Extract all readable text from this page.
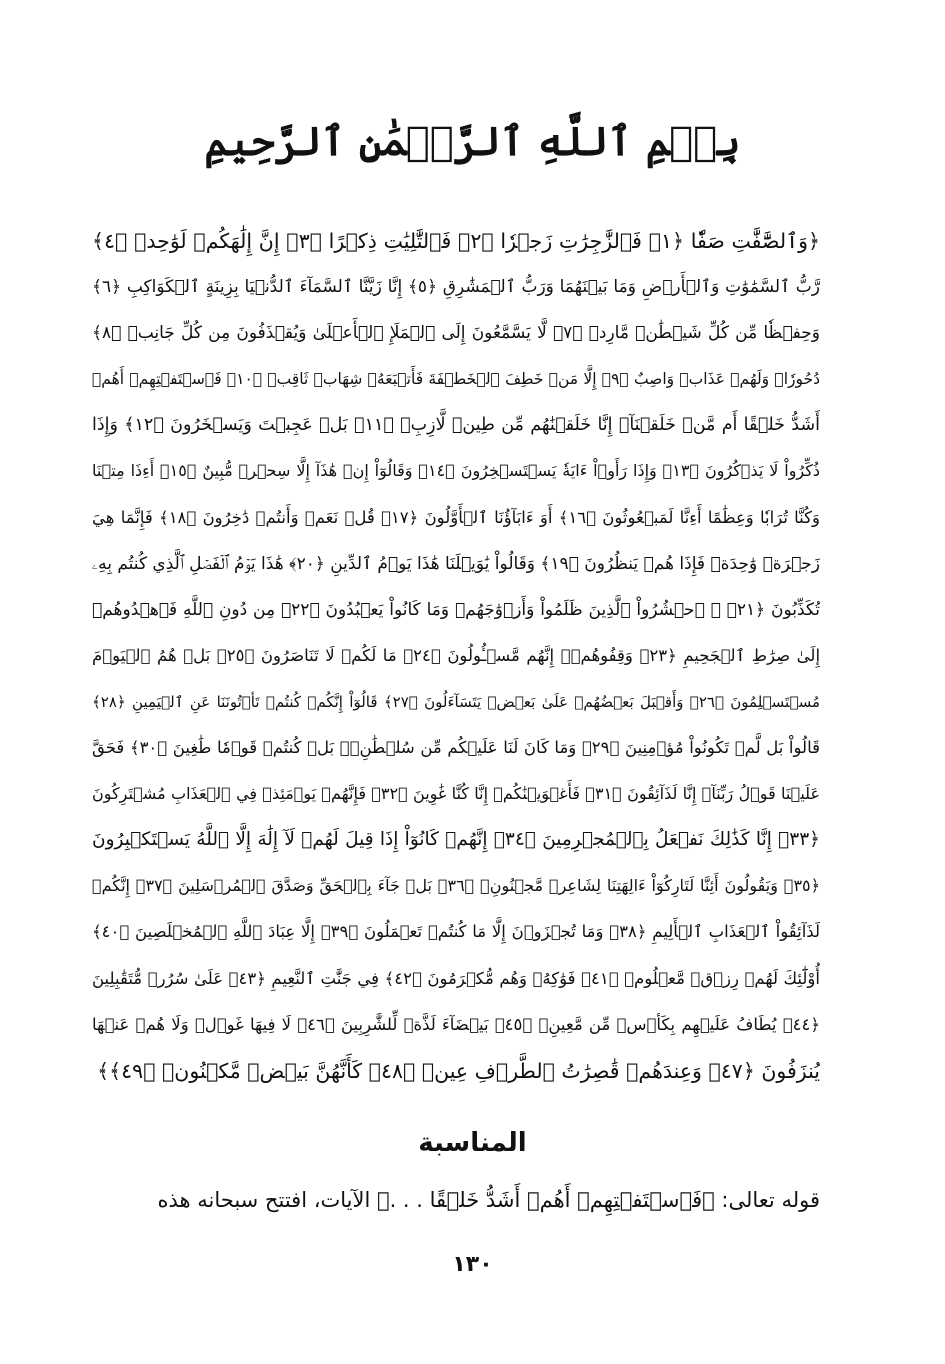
بِسۡمِ ٱللَّهِ ٱلرَّحۡمَٰنِ ٱلرَّحِيمِ
﴿وَٱلصَّٰٓفَّٰتِ صَفّٗا ﴿١﴾ فَٱلزَّٰجِرَٰتِ زَجۡرٗا ﴿٢﴾ فَٱلتَّٰلِيَٰتِ ذِكۡرًا ﴿٣﴾ إِنَّ إِلَٰهَكُمۡ لَوَٰحِدٞ ﴿٤﴾
رَّبُّ ٱلسَّمَٰوَٰتِ وَٱلۡأَرۡضِ وَمَا بَيۡنَهُمَا وَرَبُّ ٱلۡمَشَٰرِقِ ﴿٥﴾ إِنَّا زَيَّنَّا ٱلسَّمَآءَ ٱلدُّنۡيَا بِزِينَةٍ ٱلۡكَوَاكِبِ ﴿٦﴾
وَحِفۡظٗا مِّن كُلِّ شَيۡطَٰنٖ مَّارِدٖ ﴿٧﴾ لَّا يَسَّمَّعُونَ إِلَى ٱلۡمَلَإِ ٱلۡأَعۡلَىٰ وَيُقۡذَفُونَ مِن كُلِّ جَانِبٖ ﴿٨﴾
دُحُورٗاۖ وَلَهُمۡ عَذَابٞ وَاصِبٌ ﴿٩﴾ إِلَّا مَنۡ خَطِفَ ٱلۡخَطۡفَةَ فَأَتۡبَعَهُۥ شِهَابٞ ثَاقِبٞ ﴿١٠﴾ فَٱسۡتَفۡتِهِمۡ أَهُمۡ
أَشَدُّ خَلۡقًا أَم مَّنۡ خَلَقۡنَآۚ إِنَّا خَلَقۡنَٰهُم مِّن طِينٖ لَّازِبِۭ ﴿١١﴾ بَلۡ عَجِبۡتَ وَيَسۡخَرُونَ ﴿١٢﴾ وَإِذَا
ذُكِّرُواْ لَا يَذۡكُرُونَ ﴿١٣﴾ وَإِذَا رَأَوۡاْ ءَايَةٗ يَسۡتَسۡخِرُونَ ﴿١٤﴾ وَقَالُوٓاْ إِنۡ هَٰذَآ إِلَّا سِحۡرٞ مُّبِينٌ ﴿١٥﴾ أَءِذَا مِتۡنَا
وَكُنَّا تُرَابٗا وَعِظَٰمًا أَءِنَّا لَمَبۡعُوثُونَ ﴿١٦﴾ أَوَ ءَابَآؤُنَا ٱلۡأَوَّلُونَ ﴿١٧﴾ قُلۡ نَعَمۡ وَأَنتُمۡ دَٰخِرُونَ ﴿١٨﴾ فَإِنَّمَا هِيَ
زَجۡرَةٞ وَٰحِدَةٞ فَإِذَا هُمۡ يَنظُرُونَ ﴿١٩﴾ وَقَالُواْ يَٰوَيۡلَنَا هَٰذَا يَوۡمُ ٱلدِّينِ ﴿٢٠﴾ هَٰذَا يَوۡمُ ٱلۡفَصۡلِ ٱلَّذِي كُنتُم بِهِۦ
تُكَذِّبُونَ ﴿٢١﴾ ۞ ٱحۡشُرُواْ ٱلَّذِينَ ظَلَمُواْ وَأَزۡوَٰجَهُمۡ وَمَا كَانُواْ يَعۡبُدُونَ ﴿٢٢﴾ مِن دُونِ ٱللَّهِ فَٱهۡدُوهُمۡ
إِلَىٰ صِرَٰطِ ٱلۡجَحِيمِ ﴿٢٣﴾ وَقِفُوهُمۡۖ إِنَّهُم مَّسۡـُٔولُونَ ﴿٢٤﴾ مَا لَكُمۡ لَا تَنَاصَرُونَ ﴿٢٥﴾ بَلۡ هُمُ ٱلۡيَوۡمَ
مُسۡتَسۡلِمُونَ ﴿٢٦﴾ وَأَقۡبَلَ بَعۡضُهُمۡ عَلَىٰ بَعۡضٖ يَتَسَآءَلُونَ ﴿٢٧﴾ قَالُوٓاْ إِنَّكُمۡ كُنتُمۡ تَأۡتُونَنَا عَنِ ٱلۡيَمِينِ ﴿٢٨﴾
قَالُواْ بَل لَّمۡ تَكُونُواْ مُؤۡمِنِينَ ﴿٢٩﴾ وَمَا كَانَ لَنَا عَلَيۡكُم مِّن سُلۡطَٰنِۭۖ بَلۡ كُنتُمۡ قَوۡمٗا طَٰغِينَ ﴿٣٠﴾ فَحَقَّ
عَلَيۡنَا قَوۡلُ رَبِّنَآۖ إِنَّا لَذَآئِقُونَ ﴿٣١﴾ فَأَغۡوَيۡنَٰكُمۡ إِنَّا كُنَّا غَٰوِينَ ﴿٣٢﴾ فَإِنَّهُمۡ يَوۡمَئِذٖ فِي ٱلۡعَذَابِ مُشۡتَرِكُونَ
﴿٣٣﴾ إِنَّا كَذَٰلِكَ نَفۡعَلُ بِٱلۡمُجۡرِمِينَ ﴿٣٤﴾ إِنَّهُمۡ كَانُوٓاْ إِذَا قِيلَ لَهُمۡ لَآ إِلَٰهَ إِلَّا ٱللَّهُ يَسۡتَكۡبِرُونَ
﴿٣٥﴾ وَيَقُولُونَ أَئِنَّا لَتَارِكُوٓاْ ءَالِهَتِنَا لِشَاعِرٖ مَّجۡنُونِۭ ﴿٣٦﴾ بَلۡ جَآءَ بِٱلۡحَقِّ وَصَدَّقَ ٱلۡمُرۡسَلِينَ ﴿٣٧﴾ إِنَّكُمۡ
لَذَآئِقُواْ ٱلۡعَذَابِ ٱلۡأَلِيمِ ﴿٣٨﴾ وَمَا تُجۡزَوۡنَ إِلَّا مَا كُنتُمۡ تَعۡمَلُونَ ﴿٣٩﴾ إِلَّا عِبَادَ ٱللَّهِ ٱلۡمُخۡلَصِينَ ﴿٤٠﴾
أُوْلَٰٓئِكَ لَهُمۡ رِزۡقٞ مَّعۡلُومٞ ﴿٤١﴾ فَوَٰكِهُۖ وَهُم مُّكۡرَمُونَ ﴿٤٢﴾ فِي جَنَّٰتِ ٱلنَّعِيمِ ﴿٤٣﴾ عَلَىٰ سُرُرٖ مُّتَقَٰبِلِينَ
﴿٤٤﴾ يُطَافُ عَلَيۡهِم بِكَأۡسٖ مِّن مَّعِينِۭ ﴿٤٥﴾ بَيۡضَآءَ لَذَّةٖ لِّلشَّٰرِبِينَ ﴿٤٦﴾ لَا فِيهَا غَوۡلٞ وَلَا هُمۡ عَنۡهَا
يُنزَفُونَ ﴿٤٧﴾ وَعِندَهُمۡ قَٰصِرَٰتُ ٱلطَّرۡفِ عِينٞ ﴿٤٨﴾ كَأَنَّهُنَّ بَيۡضٞ مَّكۡنُونٞ ﴿٤٩﴾﴾
المناسبة
قوله تعالى: ﴿فَٱسۡتَفۡتِهِمۡ أَهُمۡ أَشَدُّ خَلۡقًا . . .﴾ الآيات، افتتح سبحانه هذه
١٣٠
